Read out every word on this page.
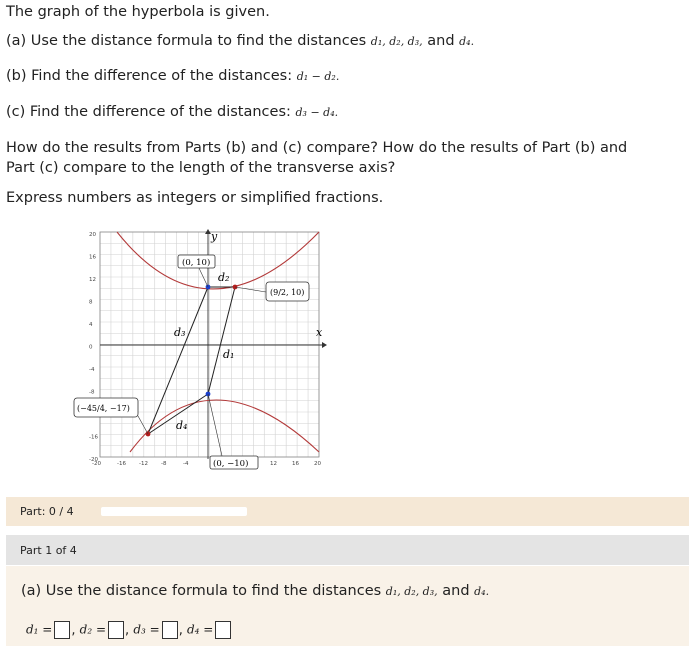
The graph of the hyperbola is given.
(a) Use the distance formula to find the distances d₁, d₂, d₃, and d₄.
(b) Find the difference of the distances: d₁ − d₂.
(c) Find the difference of the distances: d₃ − d₄.
How do the results from Parts (b) and (c) compare? How do the results of Part (b) and
Part (c) compare to the length of the transverse axis?
Express numbers as integers or simplified fractions.
x
y
20
16
12
8
4
0
-4
-8
-16
-20
-20	-16 -12 -8	-4	12	16	20
(0, 10)
(9/2, 10)
(−45/4, −17)
(0, −10)
d₂
d₁
d₃
d₄
Part: 0 / 4
Part 1 of 4
(a) Use the distance formula to find the distances d₁, d₂, d₃, and d₄.
d₁ = , d₂ = , d₃ = , d₄ =
